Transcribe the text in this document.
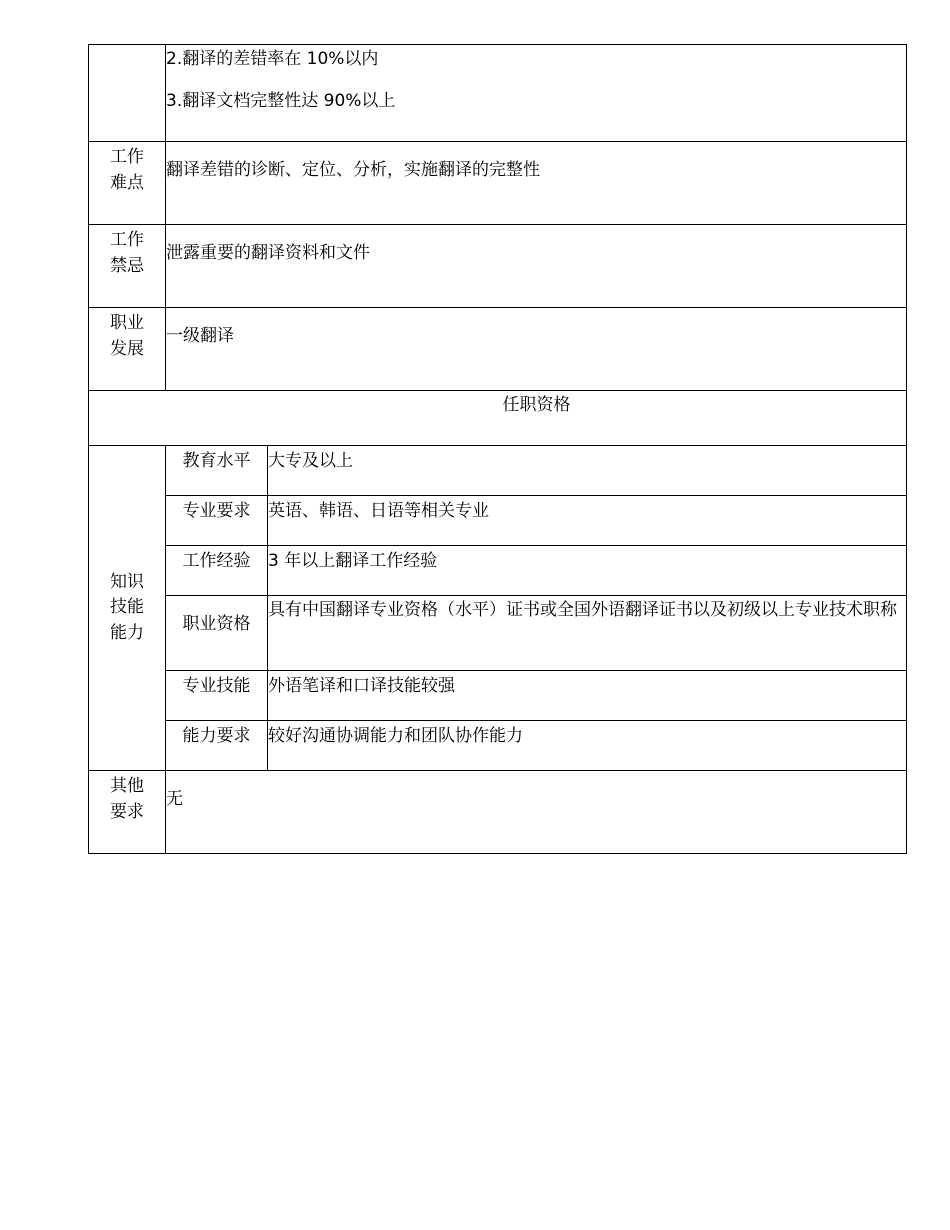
	2.翻译的差错率在 10%以内

3.翻译文档完整性达 90%以上	

工作
难点	翻译差错的诊断、定位、分析，实施翻译的完整性	

工作
禁忌	泄露重要的翻译资料和文件	

职业
发展	一级翻译	
任职资格		

知识
技能
能力	教育水平	大专及以上
	专业要求	英语、韩语、日语等相关专业
	工作经验	3 年以上翻译工作经验
	职业资格	具有中国翻译专业资格（水平）证书或全国外语翻译证书以及初级以上专业技术职称
	专业技能	外语笔译和口译技能较强
	能力要求	较好沟通协调能力和团队协作能力

其他
要求	无	
